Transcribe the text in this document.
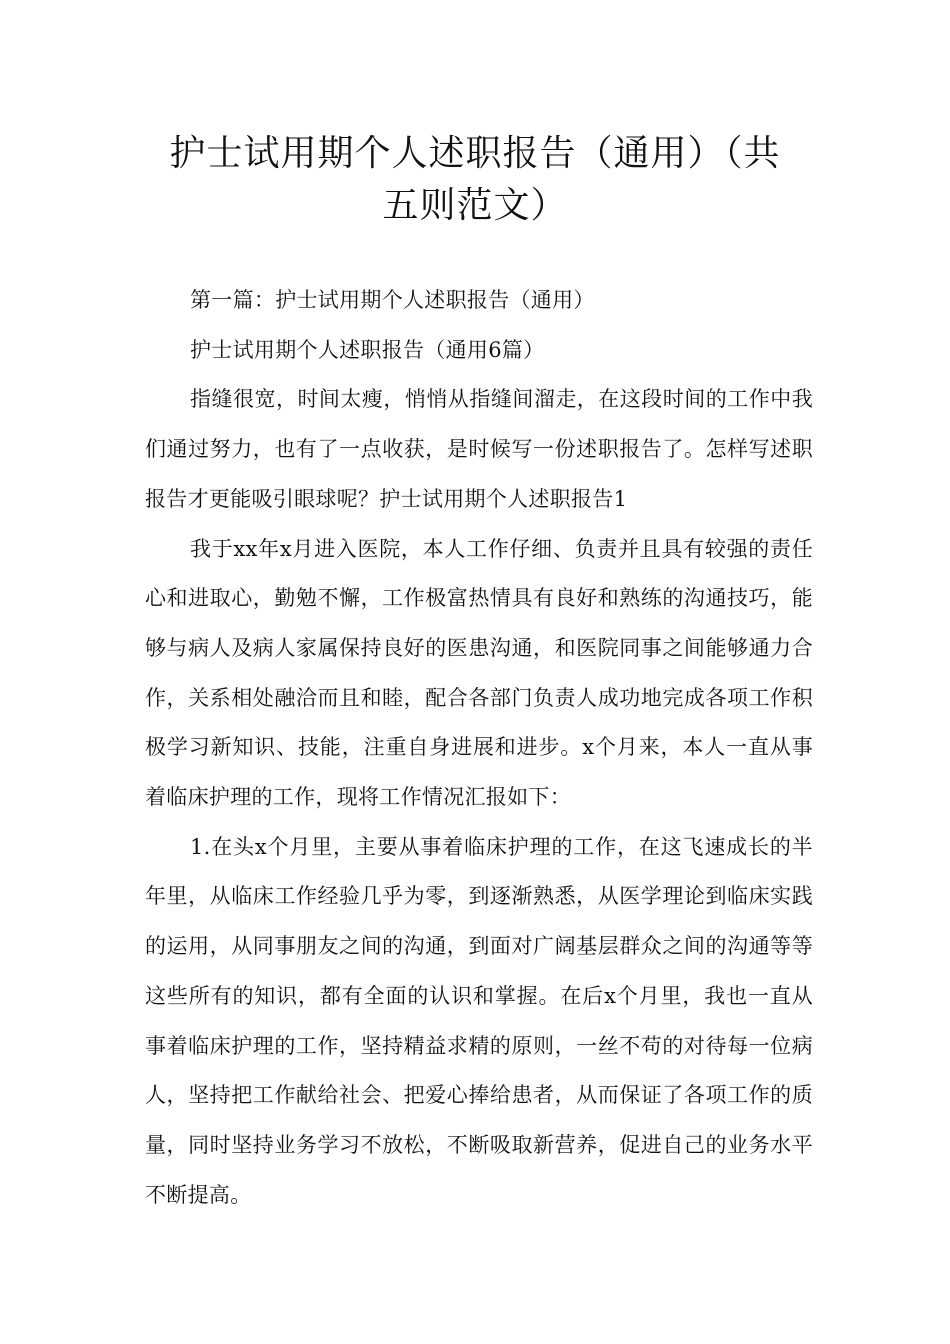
护士试用期个人述职报告（通用）（共
五则范文）

第一篇：护士试用期个人述职报告（通用）

护士试用期个人述职报告（通用6篇）

指缝很宽，时间太瘦，悄悄从指缝间溜走，在这段时间的工作中我们通过努力，也有了一点收获，是时候写一份述职报告了。怎样写述职报告才更能吸引眼球呢？护士试用期个人述职报告1

我于xx年x月进入医院，本人工作仔细、负责并且具有较强的责任心和进取心，勤勉不懈，工作极富热情具有良好和熟练的沟通技巧，能够与病人及病人家属保持良好的医患沟通，和医院同事之间能够通力合作，关系相处融洽而且和睦，配合各部门负责人成功地完成各项工作积极学习新知识、技能，注重自身进展和进步。x个月来，本人一直从事着临床护理的工作，现将工作情况汇报如下：

1.在头x个月里，主要从事着临床护理的工作，在这飞速成长的半年里，从临床工作经验几乎为零，到逐渐熟悉，从医学理论到临床实践的运用，从同事朋友之间的沟通，到面对广阔基层群众之间的沟通等等这些所有的知识，都有全面的认识和掌握。在后x个月里，我也一直从事着临床护理的工作，坚持精益求精的原则，一丝不苟的对待每一位病人，坚持把工作献给社会、把爱心捧给患者，从而保证了各项工作的质量，同时坚持业务学习不放松，不断吸取新营养，促进自己的业务水平不断提高。
